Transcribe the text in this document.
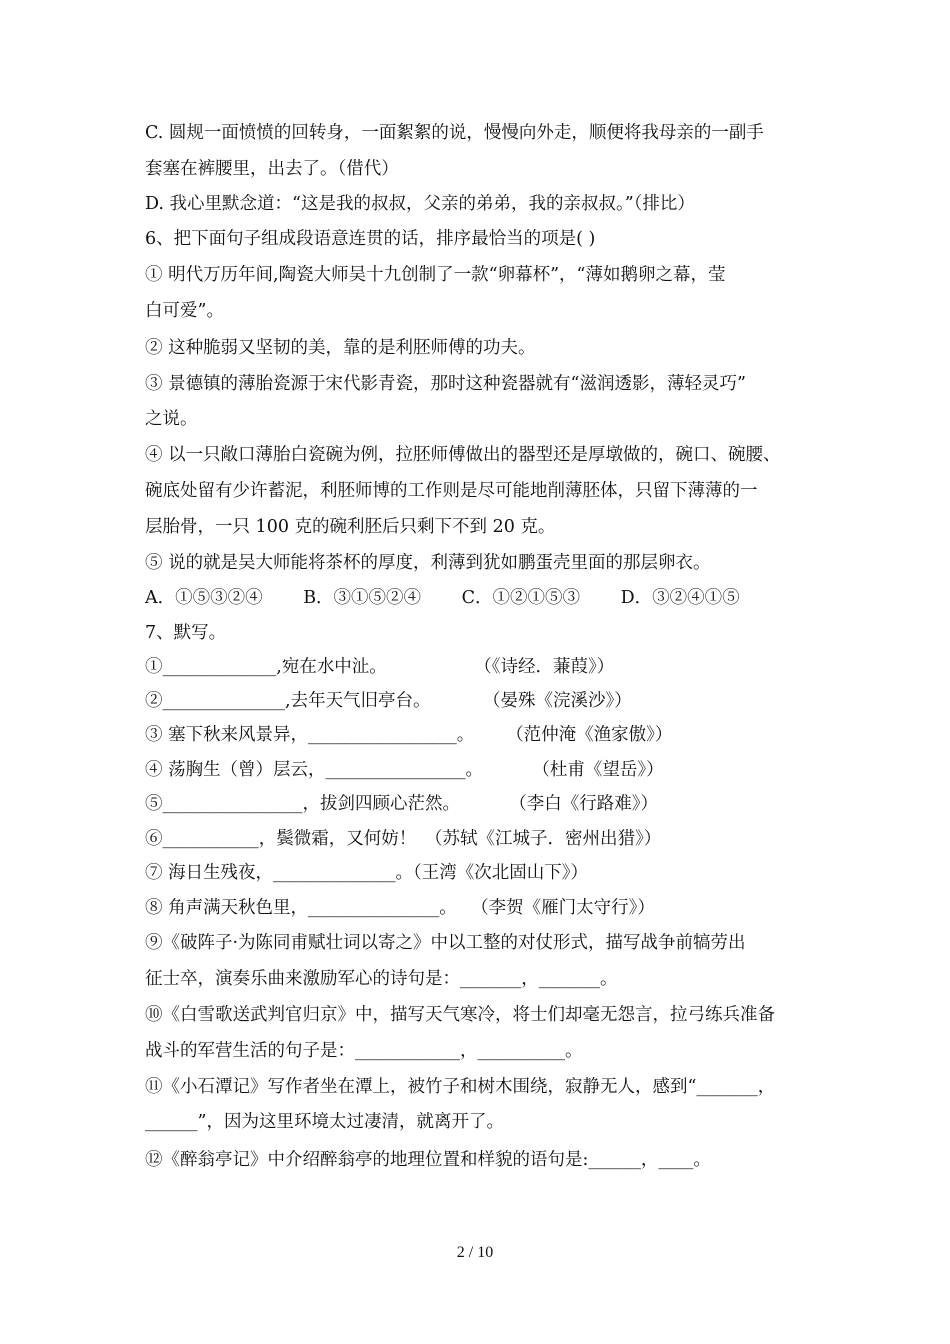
C. 圆规一面愤愤的回转身，一面絮絮的说，慢慢向外走，顺便将我母亲的一副手
套塞在裤腰里，出去了。（借代）
D. 我心里默念道：“这是我的叔叔，父亲的弟弟，我的亲叔叔。”（排比）
6、把下面句子组成段语意连贯的话，排序最恰当的项是( )
① 明代万历年间,陶瓷大师吴十九创制了一款“卵幕杯”，“薄如鹅卵之幕，莹
白可爱”。
② 这种脆弱又坚韧的美，靠的是利胚师傅的功夫。
③ 景德镇的薄胎瓷源于宋代影青瓷，那时这种瓷器就有“滋润透影，薄轻灵巧”
之说。
④ 以一只敞口薄胎白瓷碗为例，拉胚师傅做出的器型还是厚墩做的，碗口、碗腰、
碗底处留有少许蓄泥，利胚师博的工作则是尽可能地削薄胚体，只留下薄薄的一
层胎骨，一只 100 克的碗利胚后只剩下不到 20 克。
⑤ 说的就是吴大师能将茶杯的厚度，利薄到犹如鹏蛋壳里面的那层卵衣。
A．①⑤③②④　　 B．③①⑤②④　　 C．①②①⑤③　　 D．③②④①⑤
7、默写。
①_____________,宛在水中沚。　　　　　　（《诗经．蒹葭》）
②______________,去年天气旧亭台。　　　　（晏殊《浣溪沙》）
③ 塞下秋来风景异，_________________。　　 （范仲淹《渔家傲》）
④ 荡胸生（曾）层云，________________。　　　 （杜甫《望岳》）
⑤________________，拔剑四顾心茫然。　　　 （李白《行路难》）
⑥___________，鬓微霜，又何妨！　（苏轼《江城子．密州出猎》）
⑦ 海日生残夜，______________。（王湾《次北固山下》）
⑧ 角声满天秋色里，_______________。　 （李贺《雁门太守行》）
⑨《破阵子·为陈同甫赋壮词以寄之》中以工整的对仗形式，描写战争前犒劳出
征士卒，演奏乐曲来激励军心的诗句是：_______，_______。
⑩《白雪歌送武判官归京》中，描写天气寒冷，将士们却毫无怨言，拉弓练兵准备
战斗的军营生活的句子是：____________，__________。
⑪《小石潭记》写作者坐在潭上，被竹子和树木围绕，寂静无人，感到“_______，
______”，因为这里环境太过凄清，就离开了。
⑫《醉翁亭记》中介绍醉翁亭的地理位置和样貌的语句是:______，____。
2 / 10
